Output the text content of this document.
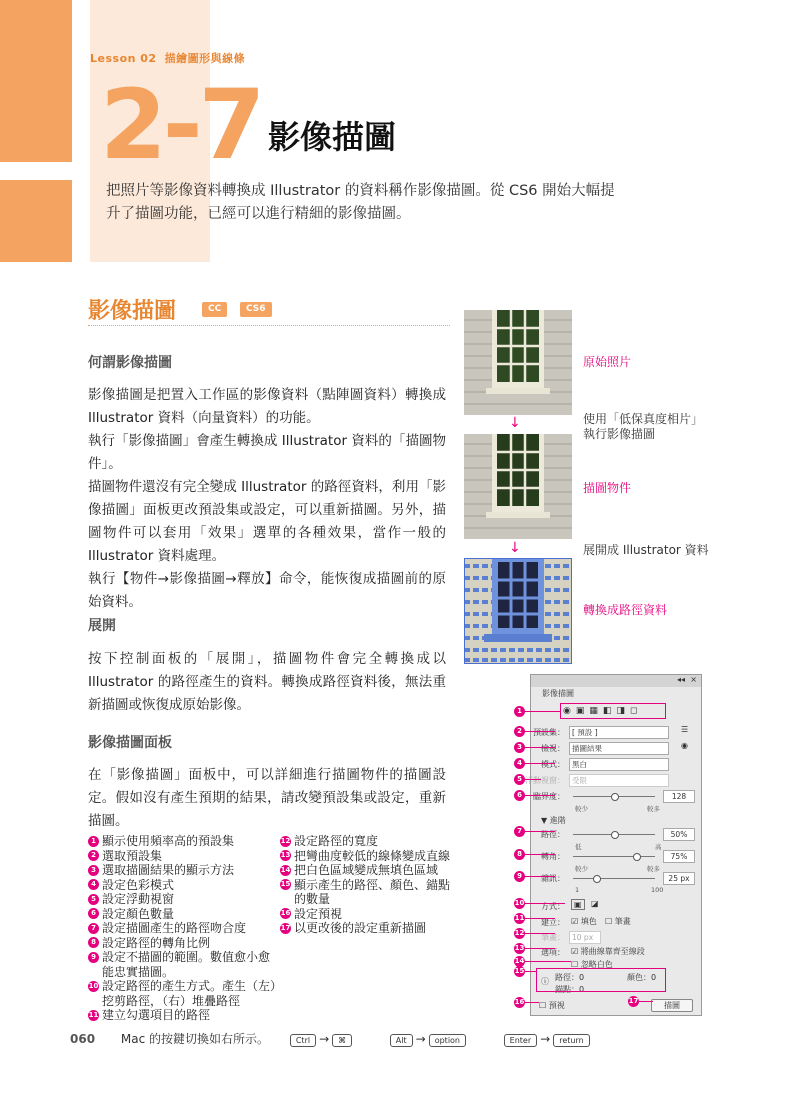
Lesson 02 描繪圖形與線條
2-7 影像描圖
把照片等影像資料轉換成 Illustrator 的資料稱作影像描圖。從 CS6 開始大幅提升了描圖功能，已經可以進行精細的影像描圖。
影像描圖	CC	CS6
何謂影像描圖
影像描圖是把置入工作區的影像資料（點陣圖資料）轉換成 Illustrator 資料（向量資料）的功能。
執行「影像描圖」會產生轉換成 Illustrator 資料的「描圖物件」。
描圖物件還沒有完全變成 Illustrator 的路徑資料，利用「影像描圖」面板更改預設集或設定，可以重新描圖。另外，描圖物件可以套用「效果」選單的各種效果，當作一般的 Illustrator 資料處理。
執行【物件→影像描圖→釋放】命令，能恢復成描圖前的原始資料。
展開
按下控制面板的「展開」，描圖物件會完全轉換成以 Illustrator 的路徑產生的資料。轉換成路徑資料後，無法重新描圖或恢復成原始影像。
影像描圖面板
在「影像描圖」面板中，可以詳細進行描圖物件的描圖設定。假如沒有產生預期的結果，請改變預設集或設定，重新描圖。
1 顯示使用頻率高的預設集
2 選取預設集
3 選取描圖結果的顯示方法
4 設定色彩模式
5 設定浮動視窗
6 設定顏色數量
7 設定描圖產生的路徑吻合度
8 設定路徑的轉角比例
9 設定不描圖的範圍。數值愈小愈能忠實描圖。
10 設定路徑的產生方式。產生（左）挖剪路徑，（右）堆疊路徑
11 建立勾選項目的路徑
12 設定路徑的寬度
13 把彎曲度較低的線條變成直線
14 把白色區域變成無填色區域
15 顯示產生的路徑、顏色、錨點的數量
16 設定預視
17 以更改後的設定重新描圖
原始照片
↓	使用「低保真度相片」執行影像描圖
描圖物件
↓	展開成 Illustrator 資料
轉換成路徑資料
◂◂ ×
影像描圖
◉ ▣ ▦ ◧ ◨ ◻
預設集： [ 預設 ]	☰
檢視： 描圖結果	◉
模式： 黑白
浮動視窗： 受限
臨界度：	128
較少	較多
▼ 進階
路徑：	50%
低	高
轉角：	75%
較少	較多
雜訊：	25 px
1	100
方式：	▣	◪
建立： ☑ 填色 ☐ 筆畫
筆畫： 10 px
選項： ☑ 將曲線靠齊至線段
☐ 忽略白色
ⓘ 路徑：0	顏色：0
錨點：0
☐ 預視	描圖
1
2
3
4
5
6
7
8
9
10
11
12
13
14
15
16	17
060 Mac 的按鍵切換如右所示。	Ctrl → ⌘	Alt → option	Enter → return
